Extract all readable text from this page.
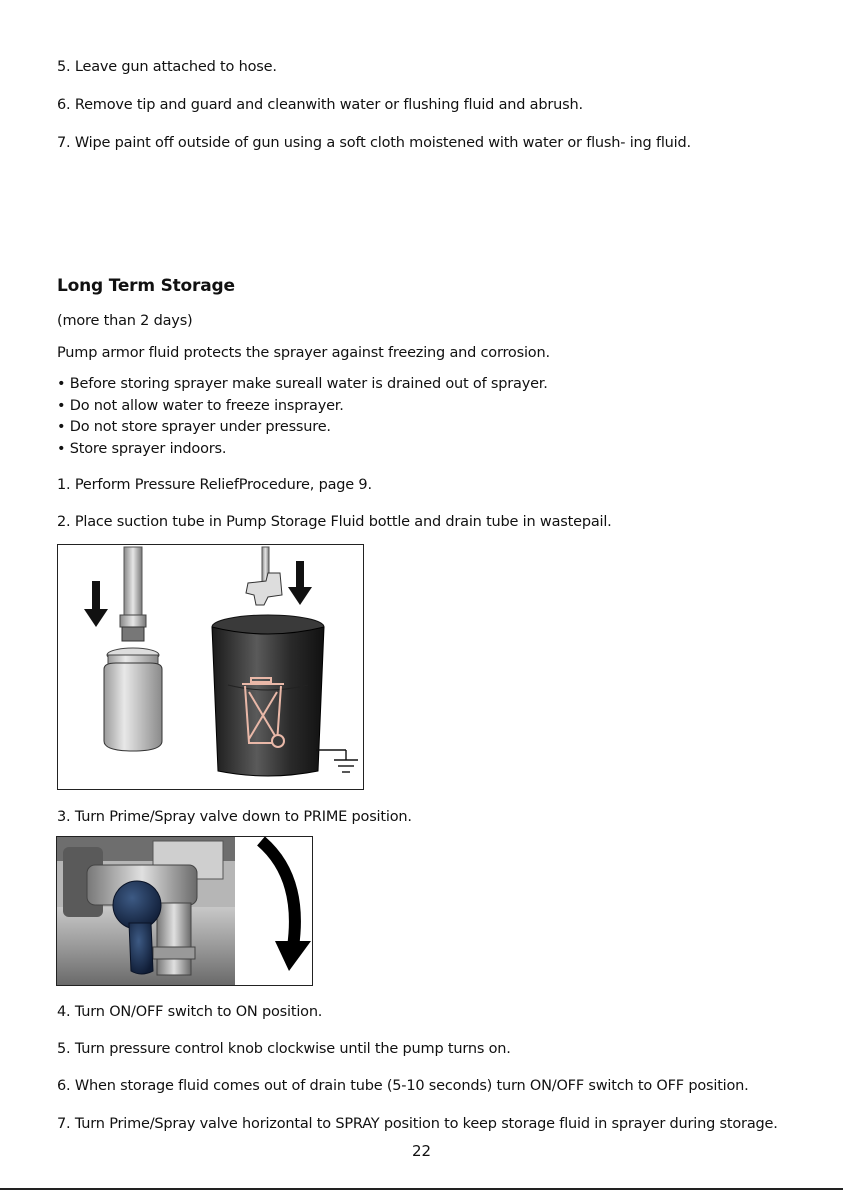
5. Leave gun attached to hose.
6. Remove tip and guard and cleanwith water or flushing fluid and abrush.
7. Wipe paint off outside of gun using a soft cloth moistened with water or flush- ing fluid.
Long Term Storage
(more than 2 days)
Pump armor fluid protects the sprayer against freezing and corrosion.
• Before storing sprayer make sureall water is drained out of sprayer.
• Do not allow water to freeze insprayer.
• Do not store sprayer under pressure.
• Store sprayer indoors.
1. Perform Pressure ReliefProcedure, page 9.
2. Place suction tube in Pump Storage Fluid bottle and drain tube in wastepail.
3. Turn Prime/Spray valve down to PRIME position.
4. Turn ON/OFF switch to ON position.
5. Turn pressure control knob clockwise until the pump turns on.
6. When storage fluid comes out of drain tube (5-10 seconds) turn ON/OFF switch to OFF position.
7. Turn Prime/Spray valve horizontal to SPRAY position to keep storage fluid in sprayer during storage.
22
